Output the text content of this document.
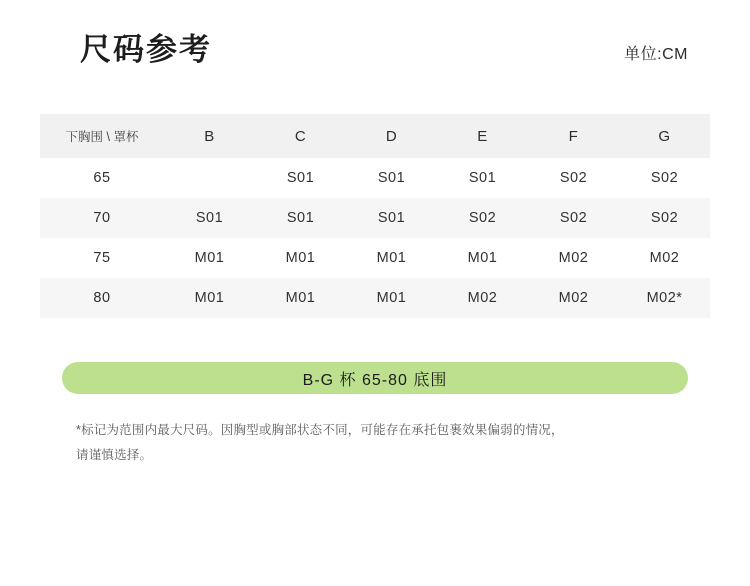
尺码参考	单位:CM
下胸围 \ 罩杯	B	C	D	E	F	G
65		S01	S01	S01	S02	S02
70	S01	S01	S01	S02	S02	S02
75	M01	M01	M01	M01	M02	M02
80	M01	M01	M01	M02	M02	M02*
B-G 杯 65-80 底围
*标记为范围内最大尺码。因胸型或胸部状态不同，可能存在承托包裹效果偏弱的情况，
请谨慎选择。
